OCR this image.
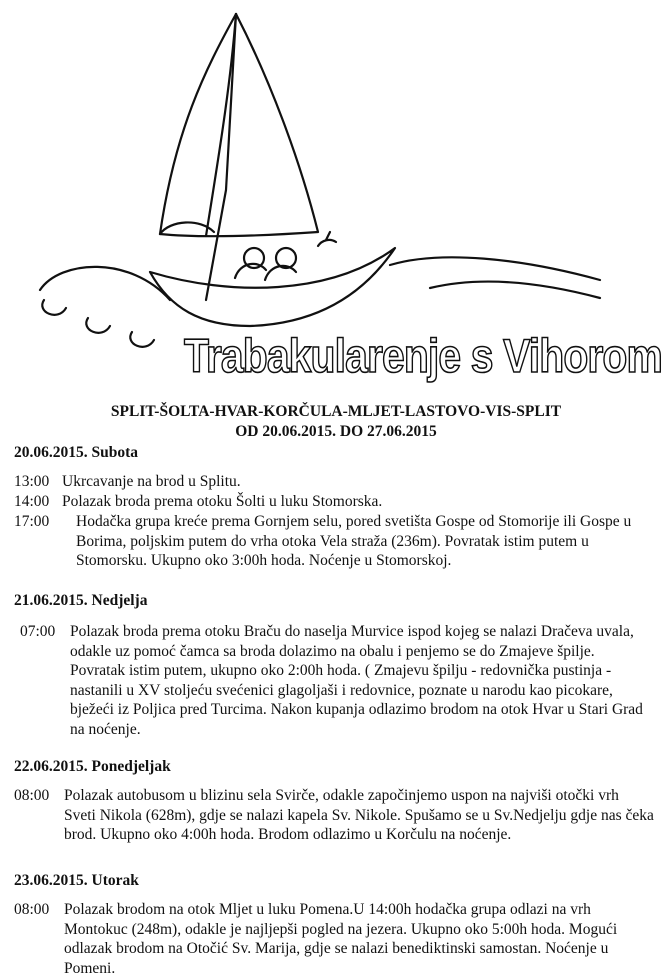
Trabakularenje s Vihorom
SPLIT-ŠOLTA-HVAR-KORČULA-MLJET-LASTOVO-VIS-SPLIT
OD 20.06.2015. DO 27.06.2015
20.06.2015. Subota
13:00 Ukrcavanje na brod u Splitu.
14:00 Polazak broda prema otoku Šolti u luku Stomorska.
17:00	Hodačka grupa kreće prema Gornjem selu, pored svetišta Gospe od Stomorije ili Gospe u Borima, poljskim putem do vrha otoka Vela straža (236m). Povratak istim putem u Stomorsku. Ukupno oko 3:00h hoda. Noćenje u Stomorskoj.
21.06.2015. Nedjelja
07:00 Polazak broda prema otoku Braču do naselja Murvice ispod kojeg se nalazi Dračeva uvala, odakle uz pomoć čamca sa broda dolazimo na obalu i penjemo se do Zmajeve špilje. Povratak istim putem, ukupno oko 2:00h hoda. ( Zmajevu špilju - redovnička pustinja - nastanili u XV stoljeću svećenici glagoljaši i redovnice, poznate u narodu kao picokare, bježeći iz Poljica pred Turcima. Nakon kupanja odlazimo brodom na otok Hvar u Stari Grad na noćenje.
22.06.2015. Ponedjeljak
08:00 Polazak autobusom u blizinu sela Svirče, odakle započinjemo uspon na najviši otočki vrh Sveti Nikola (628m), gdje se nalazi kapela Sv. Nikole. Spušamo se u Sv.Nedjelju gdje nas čeka brod. Ukupno oko 4:00h hoda. Brodom odlazimo u Korčulu na noćenje.
23.06.2015. Utorak
08:00 Polazak brodom na otok Mljet u luku Pomena.U 14:00h hodačka grupa odlazi na vrh Montokuc (248m), odakle je najljepši pogled na jezera. Ukupno oko 5:00h hoda. Mogući odlazak brodom na Otočić Sv. Marija, gdje se nalazi benediktinski samostan. Noćenje u Pomeni.
